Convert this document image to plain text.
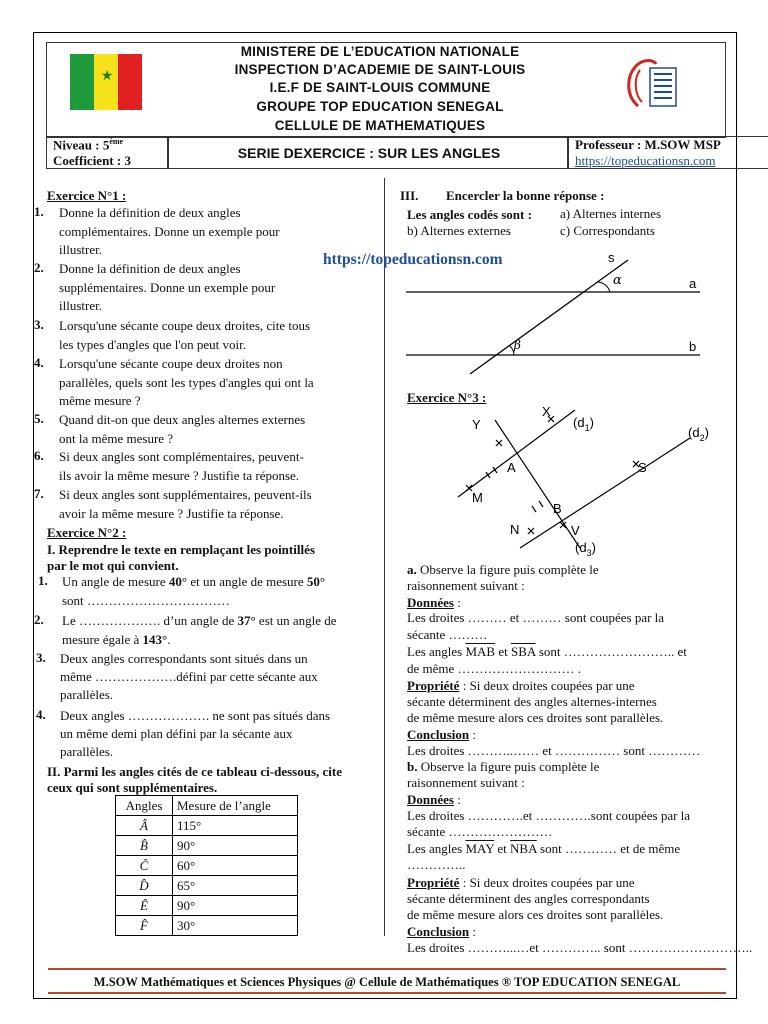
★
MINISTERE DE L’EDUCATION NATIONALE
INSPECTION D’ACADEMIE DE SAINT-LOUIS
I.E.F DE SAINT-LOUIS COMMUNE
GROUPE TOP EDUCATION SENEGAL
CELLULE DE MATHEMATIQUES
Niveau : 5ème
Coefficient : 3	SERIE DEXERCICE : SUR LES ANGLES
Professeur : M.SOW MSP
https://topeducationsn.com
Exercice N°1 :
1. Donne la définition de deux angles
complémentaires. Donne un exemple pour
illustrer.
2. Donne la définition de deux angles
supplémentaires. Donne un exemple pour
illustrer.
3. Lorsqu'une sécante coupe deux droites, cite tous
les types d'angles que l'on peut voir.
4. Lorsqu'une sécante coupe deux droites non
parallèles, quels sont les types d'angles qui ont la
même mesure ?
5. Quand dit-on que deux angles alternes externes
ont la même mesure ?
6. Si deux angles sont complémentaires, peuvent-
ils avoir la même mesure ? Justifie ta réponse.
7. Si deux angles sont supplémentaires, peuvent-ils
avoir la même mesure ? Justifie ta réponse.
Exercice N°2 :
I. Reprendre le texte en remplaçant les pointillés
par le mot qui convient.
1. Un angle de mesure 40° et un angle de mesure 50°
sont ……………………………
2. Le ………………. d’un angle de 37° est un angle de
mesure égale à 143°.
3. Deux angles correspondants sont situés dans un
même ……………….défini par cette sécante aux
parallèles.
4. Deux angles ………………. ne sont pas situés dans
un même demi plan défini par la sécante aux
parallèles.
II. Parmi les angles cités de ce tableau ci-dessous, cite
ceux qui sont supplémentaires.
Angles	Mesure de l’angle
Â	115°
B̂	90°
Ĉ	60°
D̂	65°
Ê	90°
F̂	30°
III. Encercler la bonne réponse :
Les angles codés sont : a) Alternes internes
b) Alternes externes	c) Correspondants
https://topeducationsn.com	s
α	a
β	b
Exercice N°3 :
X
Y	$(d_1)$
$(d_2)$
A	S
M
B
N	V
$(d_3)$
a. Observe la figure puis complète le
raisonnement suivant :
Données :
Les droites ……… et ……… sont coupées par la
sécante ………
Les angles $\overline{MAB}$ et $\overline{SBA}$ sont …………………….. et
de même ……………………… .
Propriété : Si deux droites coupées par une
sécante déterminent des angles alternes-internes
de même mesure alors ces droites sont parallèles.
Conclusion :
Les droites ………..…… et …………… sont …………
b. Observe la figure puis complète le
raisonnement suivant :
Données :
Les droites ………….et ………….sont coupées par la
sécante ……………………
Les angles $\overline{MAY}$ et $\overline{NBA}$ sont ………… et de même
…………..
Propriété : Si deux droites coupées par une
sécante déterminent des angles correspondants
de même mesure alors ces droites sont parallèles.
Conclusion :
Les droites ………...…et ………….. sont ………………………..
M.SOW Mathématiques et Sciences Physiques @ Cellule de Mathématiques ® TOP EDUCATION SENEGAL
